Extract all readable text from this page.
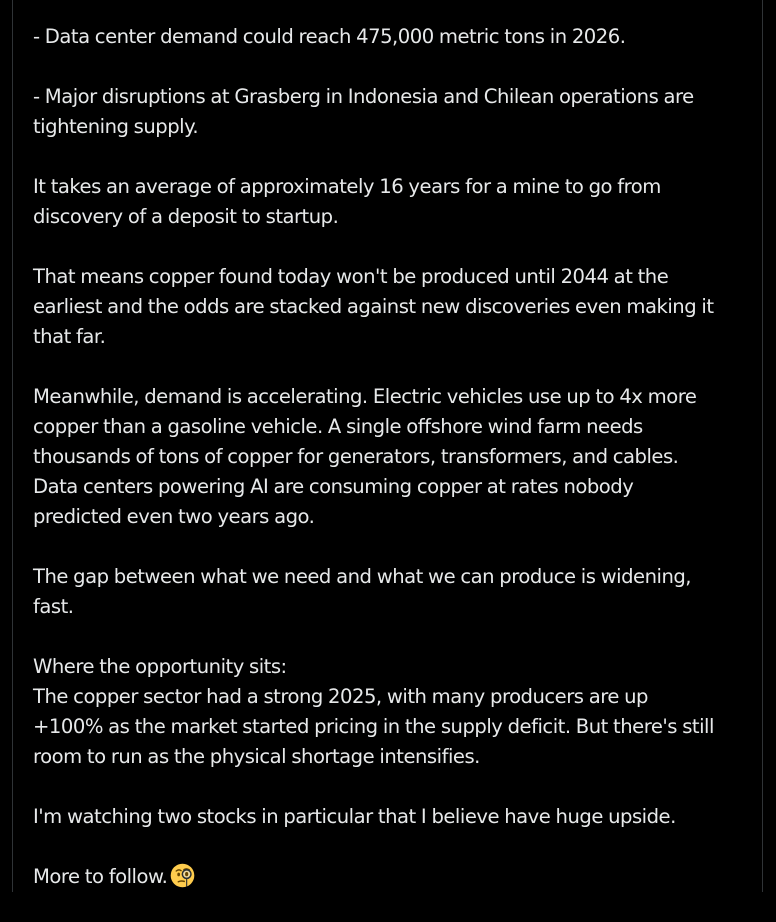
- Data center demand could reach 475,000 metric tons in 2026.

- Major disruptions at Grasberg in Indonesia and Chilean operations are
tightening supply.

It takes an average of approximately 16 years for a mine to go from
discovery of a deposit to startup.

That means copper found today won't be produced until 2044 at the
earliest and the odds are stacked against new discoveries even making it
that far.

Meanwhile, demand is accelerating. Electric vehicles use up to 4x more
copper than a gasoline vehicle. A single offshore wind farm needs
thousands of tons of copper for generators, transformers, and cables.
Data centers powering AI are consuming copper at rates nobody
predicted even two years ago.

The gap between what we need and what we can produce is widening,
fast.

Where the opportunity sits:
The copper sector had a strong 2025, with many producers are up
+100% as the market started pricing in the supply deficit. But there's still
room to run as the physical shortage intensifies.

I'm watching two stocks in particular that I believe have huge upside.

More to follow.
